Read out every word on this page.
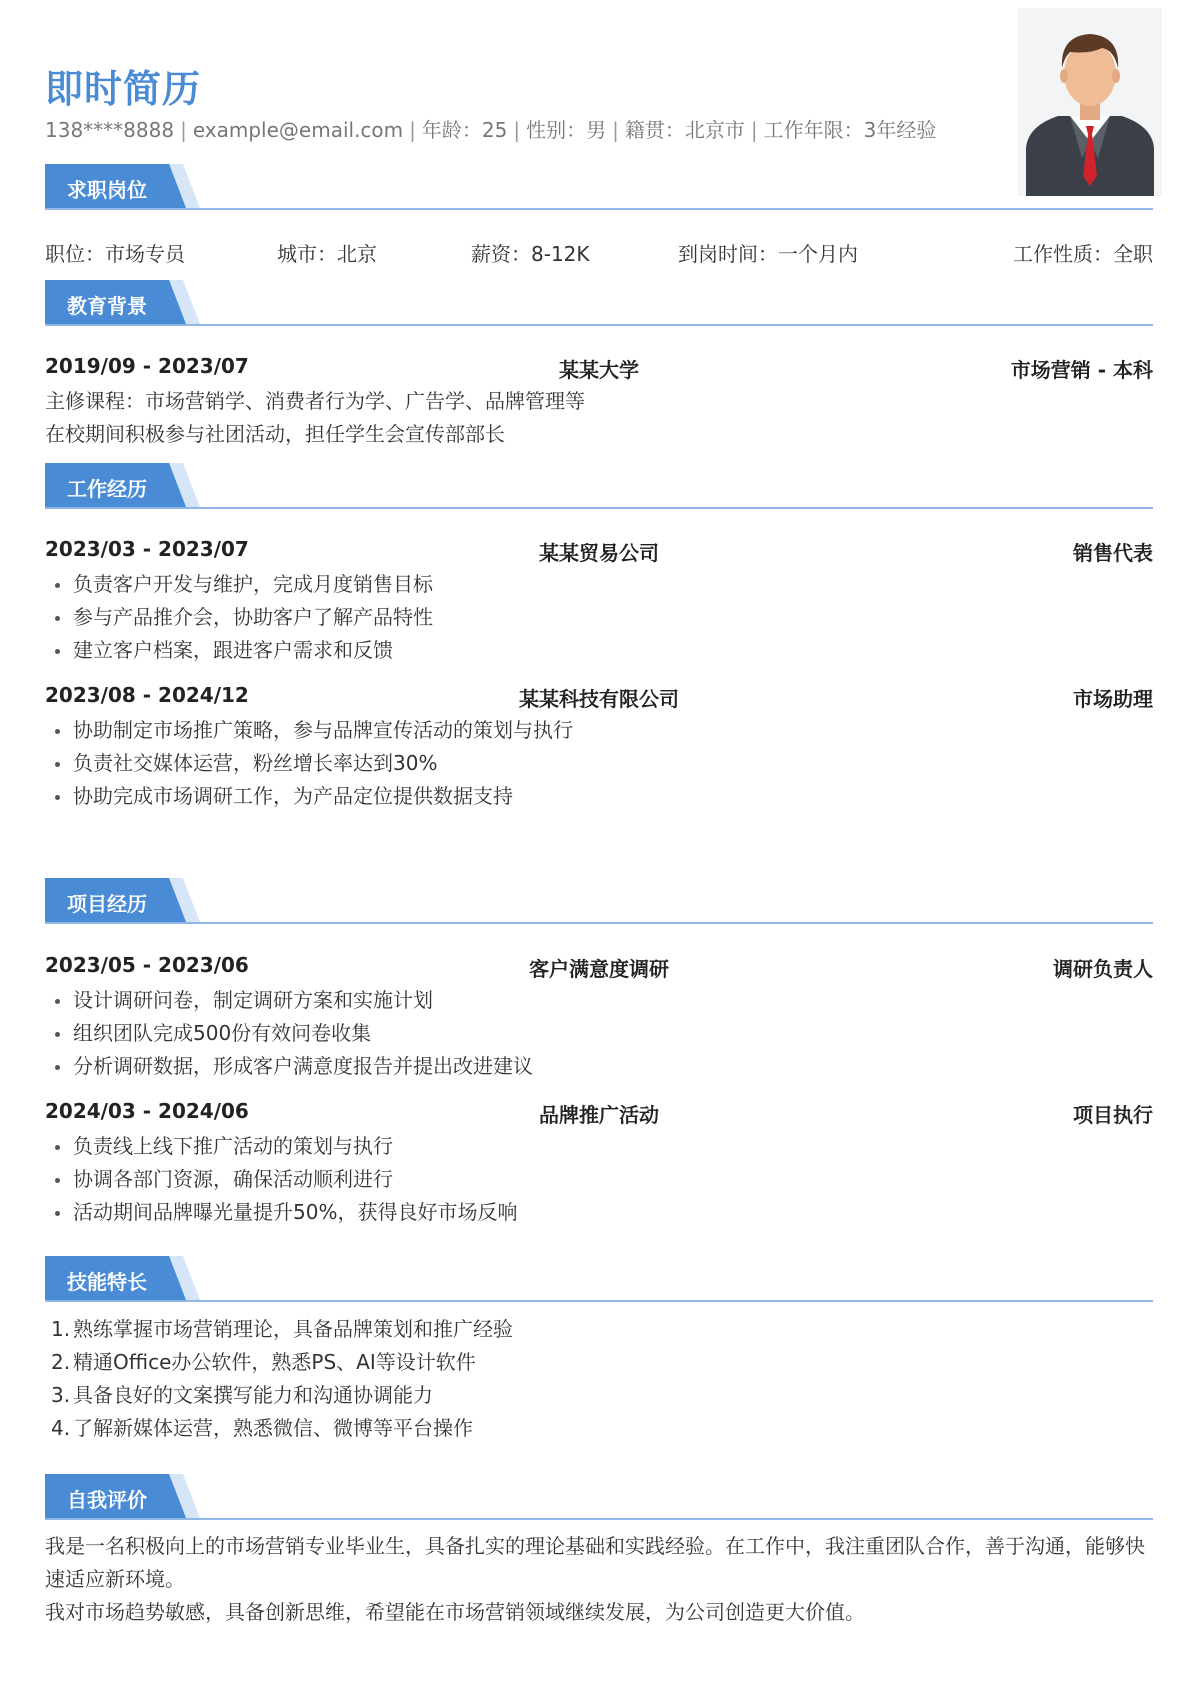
即时简历
138****8888 | example@email.com | 年龄：25 | 性别：男 | 籍贯：北京市 | 工作年限：3年经验
求职岗位
职位：市场专员	城市：北京	薪资：8-12K	到岗时间：一个月内	工作性质：全职
教育背景
2019/09 - 2023/07	某某大学	市场营销 - 本科
主修课程：市场营销学、消费者行为学、广告学、品牌管理等
在校期间积极参与社团活动，担任学生会宣传部部长
工作经历
2023/03 - 2023/07	某某贸易公司	销售代表
负责客户开发与维护，完成月度销售目标
参与产品推介会，协助客户了解产品特性
建立客户档案，跟进客户需求和反馈
2023/08 - 2024/12	某某科技有限公司	市场助理
协助制定市场推广策略，参与品牌宣传活动的策划与执行
负责社交媒体运营，粉丝增长率达到30%
协助完成市场调研工作，为产品定位提供数据支持
项目经历
2023/05 - 2023/06	客户满意度调研	调研负责人
设计调研问卷，制定调研方案和实施计划
组织团队完成500份有效问卷收集
分析调研数据，形成客户满意度报告并提出改进建议
2024/03 - 2024/06	品牌推广活动	项目执行
负责线上线下推广活动的策划与执行
协调各部门资源，确保活动顺利进行
活动期间品牌曝光量提升50%，获得良好市场反响
技能特长
1. 熟练掌握市场营销理论，具备品牌策划和推广经验
2. 精通Office办公软件，熟悉PS、AI等设计软件
3. 具备良好的文案撰写能力和沟通协调能力
4. 了解新媒体运营，熟悉微信、微博等平台操作
自我评价

我是一名积极向上的市场营销专业毕业生，具备扎实的理论基础和实践经验。在工作中，我注重团队合作，善于沟通，能够快速适应新环境。

我对市场趋势敏感，具备创新思维，希望能在市场营销领域继续发展，为公司创造更大价值。
